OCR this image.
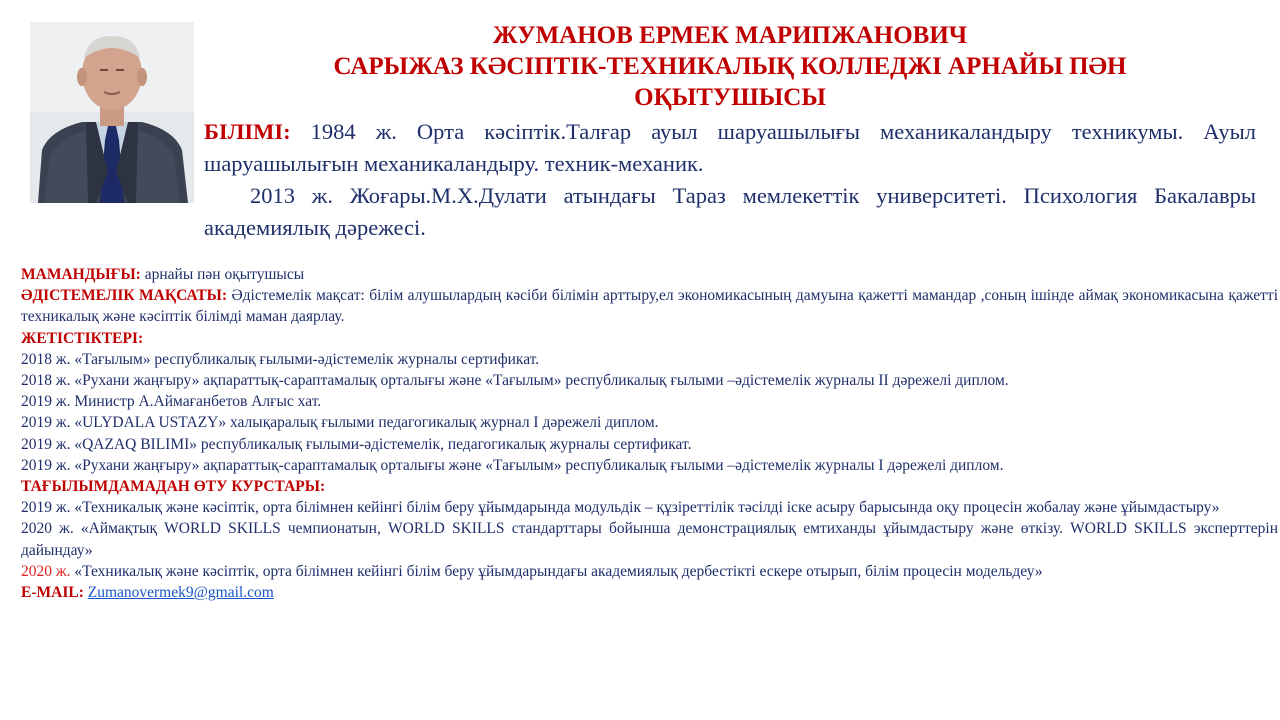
ЖУМАНОВ ЕРМЕК МАРИПЖАНОВИЧ
САРЫЖАЗ КӘСІПТІК-ТЕХНИКАЛЫҚ КОЛЛЕДЖІ АРНАЙЫ ПӘН
ОҚЫТУШЫСЫ

БІЛІМІ: 1984 ж. Орта кәсіптік.Талғар ауыл шаруашылығы механикаландыру техникумы. Ауыл шаруашылығын механикаландыру. техник-механик.

2013 ж. Жоғары.М.Х.Дулати атындағы Тараз мемлекеттік университеті. Психология Бакалавры академиялық дәрежесі.

МАМАНДЫҒЫ: арнайы пән оқытушысы

ӘДІСТЕМЕЛІК МАҚСАТЫ: Әдістемелік мақсат: білім алушылардың кәсіби білімін арттыру,ел экономикасының дамуына қажетті мамандар ,соның ішінде аймақ экономикасына қажетті техникалық және кәсіптік білімді маман даярлау.

ЖЕТІСТІКТЕРІ:

2018 ж. «Тағылым» республикалық ғылыми-әдістемелік журналы сертификат.

2018 ж. «Рухани жаңғыру» ақпараттық-сараптамалық орталығы және «Тағылым» республикалық ғылыми –әдістемелік журналы II дәрежелі диплом.

2019 ж. Министр А.Аймағанбетов Алғыс хат.

2019 ж. «ULYDALA USTAZY» халықаралық ғылыми педагогикалық журнал I дәрежелі диплом.

2019 ж. «QAZAQ BILIMI» республикалық ғылыми-әдістемелік, педагогикалық журналы сертификат.

2019 ж. «Рухани жаңғыру» ақпараттық-сараптамалық орталығы және «Тағылым» республикалық ғылыми –әдістемелік журналы I дәрежелі диплом.

ТАҒЫЛЫМДАМАДАН ӨТУ КУРСТАРЫ:

2019 ж. «Техникалық және кәсіптік, орта білімнен кейінгі білім беру ұйымдарында модульдік – құзіреттілік тәсілді іске асыру барысында оқу процесін жобалау және ұйымдастыру»

2020 ж. «Аймақтық WORLD SKILLS чемпионатын, WORLD SKILLS стандарттары бойынша демонстрациялық емтиханды ұйымдастыру және өткізу. WORLD SKILLS эксперттерін дайындау»

2020 ж. «Техникалық және кәсіптік, орта білімнен кейінгі білім беру ұйымдарындағы академиялық дербестікті ескере отырып, білім процесін модельдеу»

E-MAIL: Zumanovermek9@gmail.com
